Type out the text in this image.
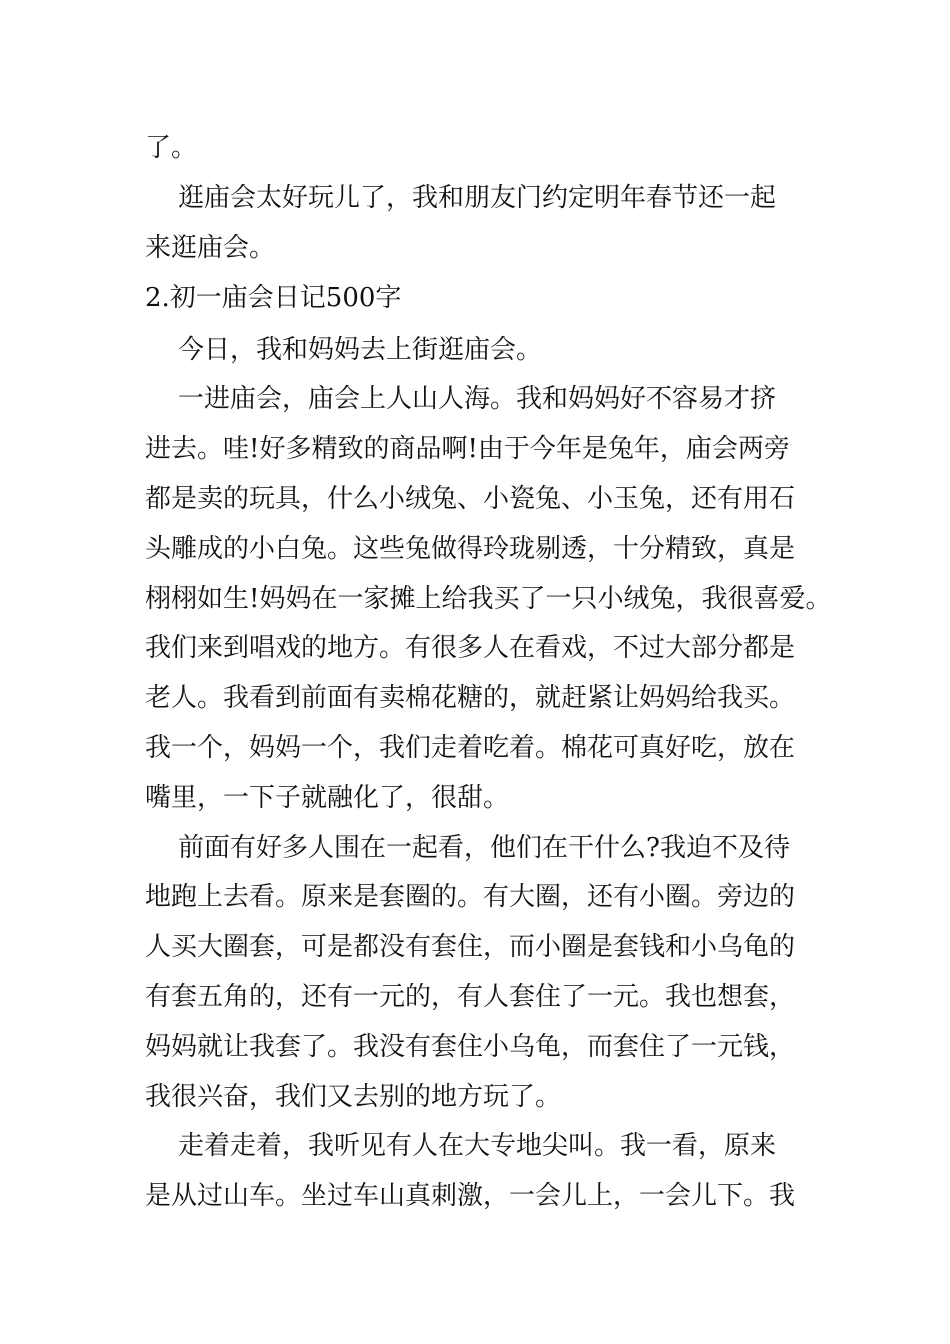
了。

逛庙会太好玩儿了，我和朋友门约定明年春节还一起

来逛庙会。

2.初一庙会日记500字

今日，我和妈妈去上街逛庙会。

一进庙会，庙会上人山人海。我和妈妈好不容易才挤

进去。哇!好多精致的商品啊!由于今年是兔年，庙会两旁

都是卖的玩具，什么小绒兔、小瓷兔、小玉兔，还有用石

头雕成的小白兔。这些兔做得玲珑剔透，十分精致，真是

栩栩如生!妈妈在一家摊上给我买了一只小绒兔，我很喜爱。

我们来到唱戏的地方。有很多人在看戏，不过大部分都是

老人。我看到前面有卖棉花糖的，就赶紧让妈妈给我买。

我一个，妈妈一个，我们走着吃着。棉花可真好吃，放在

嘴里，一下子就融化了，很甜。

前面有好多人围在一起看，他们在干什么?我迫不及待

地跑上去看。原来是套圈的。有大圈，还有小圈。旁边的

人买大圈套，可是都没有套住，而小圈是套钱和小乌龟的

有套五角的，还有一元的，有人套住了一元。我也想套，

妈妈就让我套了。我没有套住小乌龟，而套住了一元钱，

我很兴奋，我们又去别的地方玩了。

走着走着，我听见有人在大专地尖叫。我一看，原来

是从过山车。坐过车山真刺激，一会儿上，一会儿下。我
